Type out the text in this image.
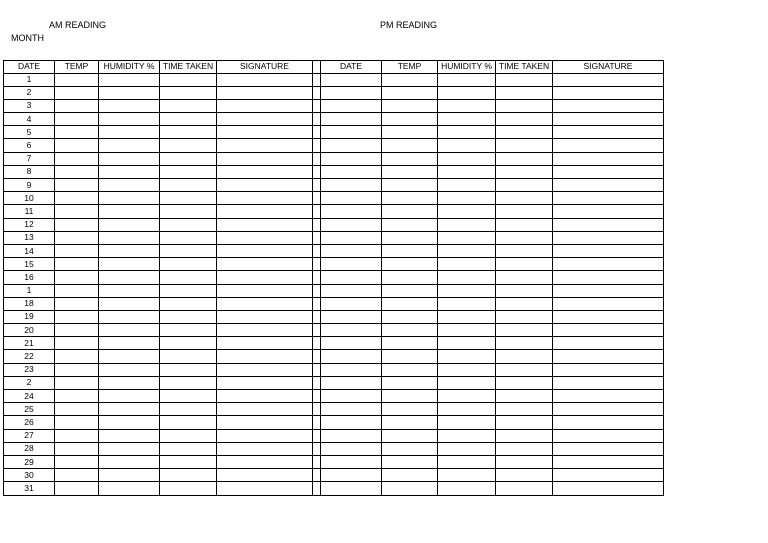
AM READING	PM READING
MONTH
DATE	TEMP	HUMIDITY %	TIME TAKEN	SIGNATURE		DATE	TEMP	HUMIDITY %	TIME TAKEN	SIGNATURE
1										
2										
3										
4										
5										
6										
7										
8										
9										
10										
11										
12										
13										
14										
15										
16										
1										
18										
19										
20										
21										
22										
23										
2										
24										
25										
26										
27										
28										
29										
30										
31										
